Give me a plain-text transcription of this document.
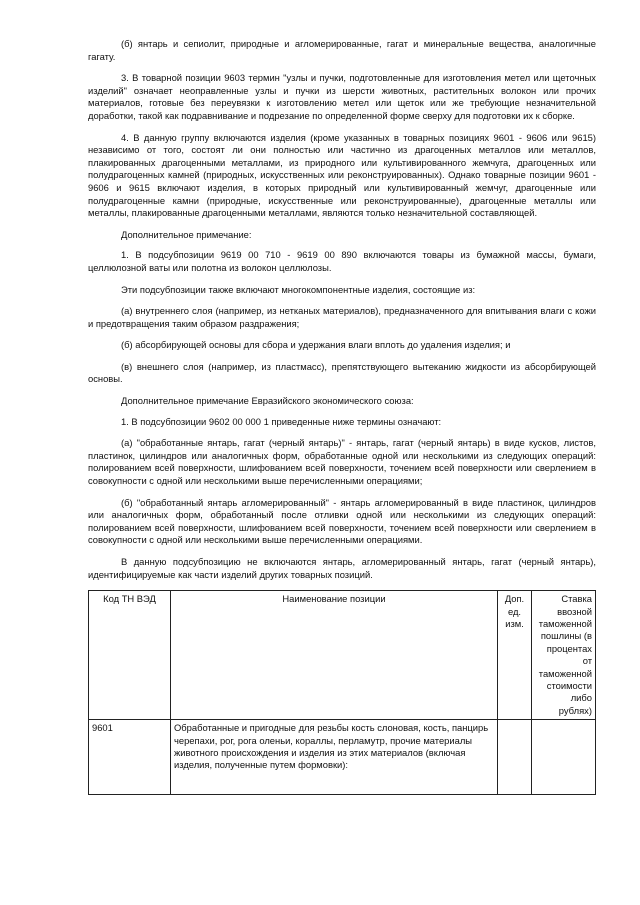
(б) янтарь и сепиолит, природные и агломерированные, гагат и минеральные вещества, аналогичные гагату.

3. В товарной позиции 9603 термин "узлы и пучки, подготовленные для изготовления метел или щеточных изделий" означает неоправленные узлы и пучки из шерсти животных, растительных волокон или прочих материалов, готовые без переувязки к изготовлению метел или щеток или же требующие незначительной доработки, такой как подравнивание и подрезание по определенной форме сверху для подготовки их к сборке.

4. В данную группу включаются изделия (кроме указанных в товарных позициях 9601 - 9606 или 9615) независимо от того, состоят ли они полностью или частично из драгоценных металлов или металлов, плакированных драгоценными металлами, из природного или культивированного жемчуга, драгоценных или полудрагоценных камней (природных, искусственных или реконструированных). Однако товарные позиции 9601 - 9606 и 9615 включают изделия, в которых природный или культивированный жемчуг, драгоценные или полудрагоценные камни (природные, искусственные или реконструированные), драгоценные металлы или металлы, плакированные драгоценными металлами, являются только незначительной составляющей.

Дополнительное примечание:

1. В подсубпозиции 9619 00 710 - 9619 00 890 включаются товары из бумажной массы, бумаги, целлюлозной ваты или полотна из волокон целлюлозы.

Эти подсубпозиции также включают многокомпонентные изделия, состоящие из:

(а) внутреннего слоя (например, из нетканых материалов), предназначенного для впитывания влаги с кожи и предотвращения таким образом раздражения;

(б) абсорбирующей основы для сбора и удержания влаги вплоть до удаления изделия; и

(в) внешнего слоя (например, из пластмасс), препятствующего вытеканию жидкости из абсорбирующей основы.

Дополнительное примечание Евразийского экономического союза:

1. В подсубпозиции 9602 00 000 1 приведенные ниже термины означают:

(а) "обработанные янтарь, гагат (черный янтарь)" - янтарь, гагат (черный янтарь) в виде кусков, листов, пластинок, цилиндров или аналогичных форм, обработанные одной или несколькими из следующих операций: полированием всей поверхности, шлифованием всей поверхности, точением всей поверхности или сверлением в совокупности с одной или несколькими выше перечисленными операциями;

(б) "обработанный янтарь агломерированный" - янтарь агломерированный в виде пластинок, цилиндров или аналогичных форм, обработанный после отливки одной или несколькими из следующих операций: полированием всей поверхности, шлифованием всей поверхности, точением всей поверхности или сверлением в совокупности с одной или несколькими выше перечисленными операциями.

В данную подсубпозицию не включаются янтарь, агломерированный янтарь, гагат (черный янтарь), идентифицируемые как части изделий других товарных позиций.

Код ТН ВЭД	Наименование позиции	Доп. ед. изм.	Ставка ввозной таможенной пошлины (в процентах от таможенной стоимости либо рублях)
9601	Обработанные и пригодные для резьбы кость слоновая, кость, панцирь черепахи, рог, рога оленьи, кораллы, перламутр, прочие материалы животного происхождения и изделия из этих материалов (включая изделия, полученные путем формовки):		
